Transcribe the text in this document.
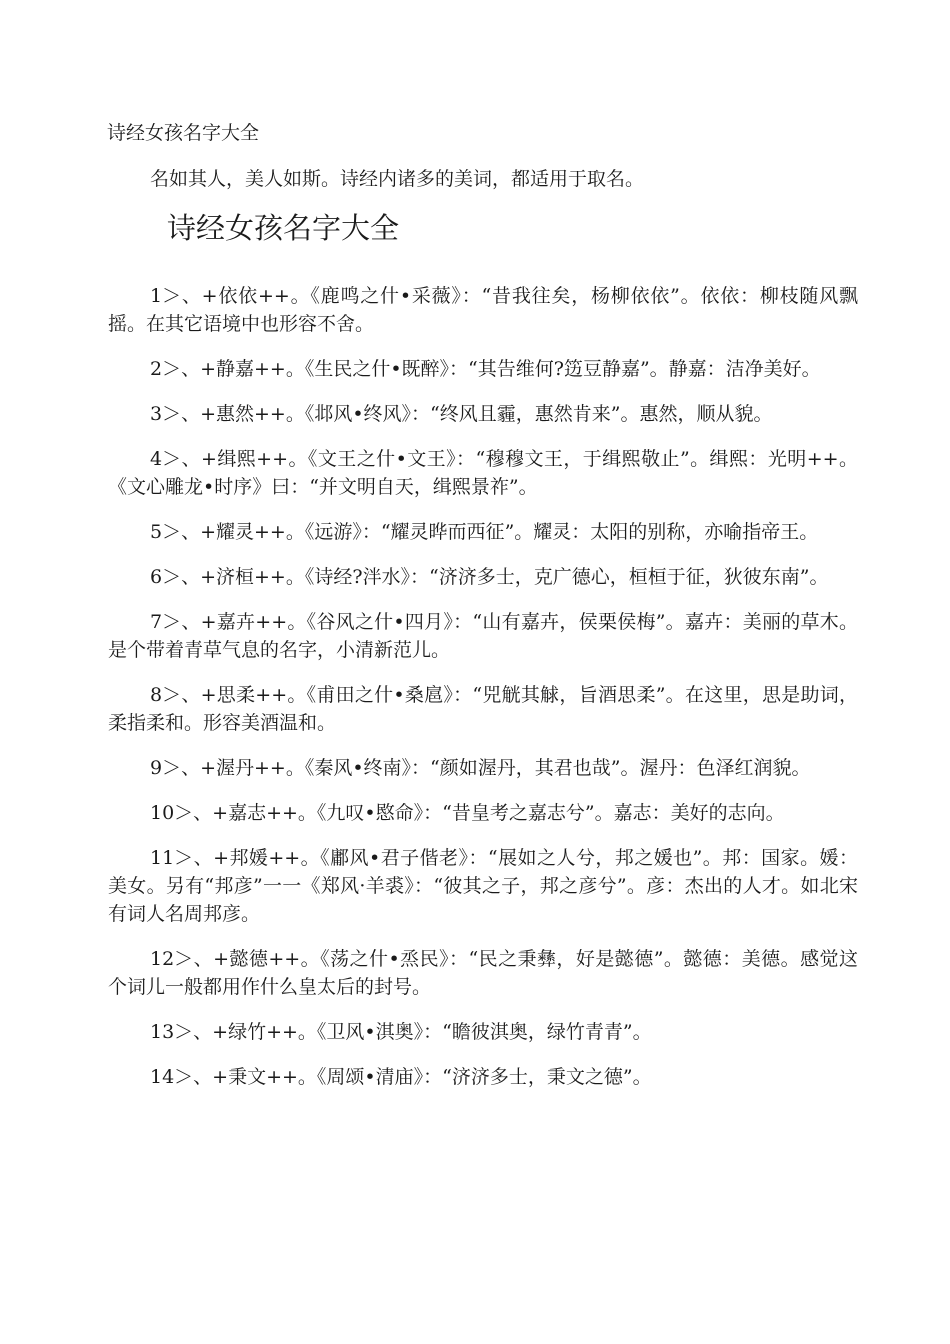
诗经女孩名字大全
名如其人，美人如斯。诗经内诸多的美词，都适用于取名。
诗经女孩名字大全

1＞、+依依++。《鹿鸣之什•采薇》：“昔我往矣，杨柳依依”。依依：柳枝随风飘摇。在其它语境中也形容不舍。

2＞、+静嘉++。《生民之什•既醉》：“其告维何?笾豆静嘉”。静嘉：洁净美好。

3＞、+惠然++。《邶风•终风》：“终风且霾，惠然肯来”。惠然，顺从貌。

4＞、+缉熙++。《文王之什•文王》：“穆穆文王，于缉熙敬止”。缉熙：光明++。《文心雕龙•时序》曰：“并文明自天，缉熙景祚”。

5＞、+耀灵++。《远游》：“耀灵晔而西征”。耀灵：太阳的别称，亦喻指帝王。

6＞、+济桓++。《诗经?泮水》：“济济多士，克广德心，桓桓于征，狄彼东南”。

7＞、+嘉卉++。《谷风之什•四月》：“山有嘉卉，侯栗侯梅”。嘉卉：美丽的草木。是个带着青草气息的名字，小清新范儿。

8＞、+思柔++。《甫田之什•桑扈》：“兕觥其觩，旨酒思柔”。在这里，思是助词，柔指柔和。形容美酒温和。

9＞、+渥丹++。《秦风•终南》：“颜如渥丹，其君也哉”。渥丹：色泽红润貌。

10＞、+嘉志++。《九叹•愍命》：“昔皇考之嘉志兮”。嘉志：美好的志向。

11＞、+邦媛++。《鄘风•君子偕老》：“展如之人兮，邦之媛也”。邦：国家。媛：美女。另有“邦彦”一一《郑风·羊裘》：“彼其之子，邦之彦兮”。彦：杰出的人才。如北宋有词人名周邦彦。

12＞、+懿德++。《荡之什•烝民》：“民之秉彝，好是懿德”。懿德：美德。感觉这个词儿一般都用作什么皇太后的封号。

13＞、+绿竹++。《卫风•淇奥》：“瞻彼淇奥，绿竹青青”。

14＞、+秉文++。《周颂•清庙》：“济济多士，秉文之德”。
